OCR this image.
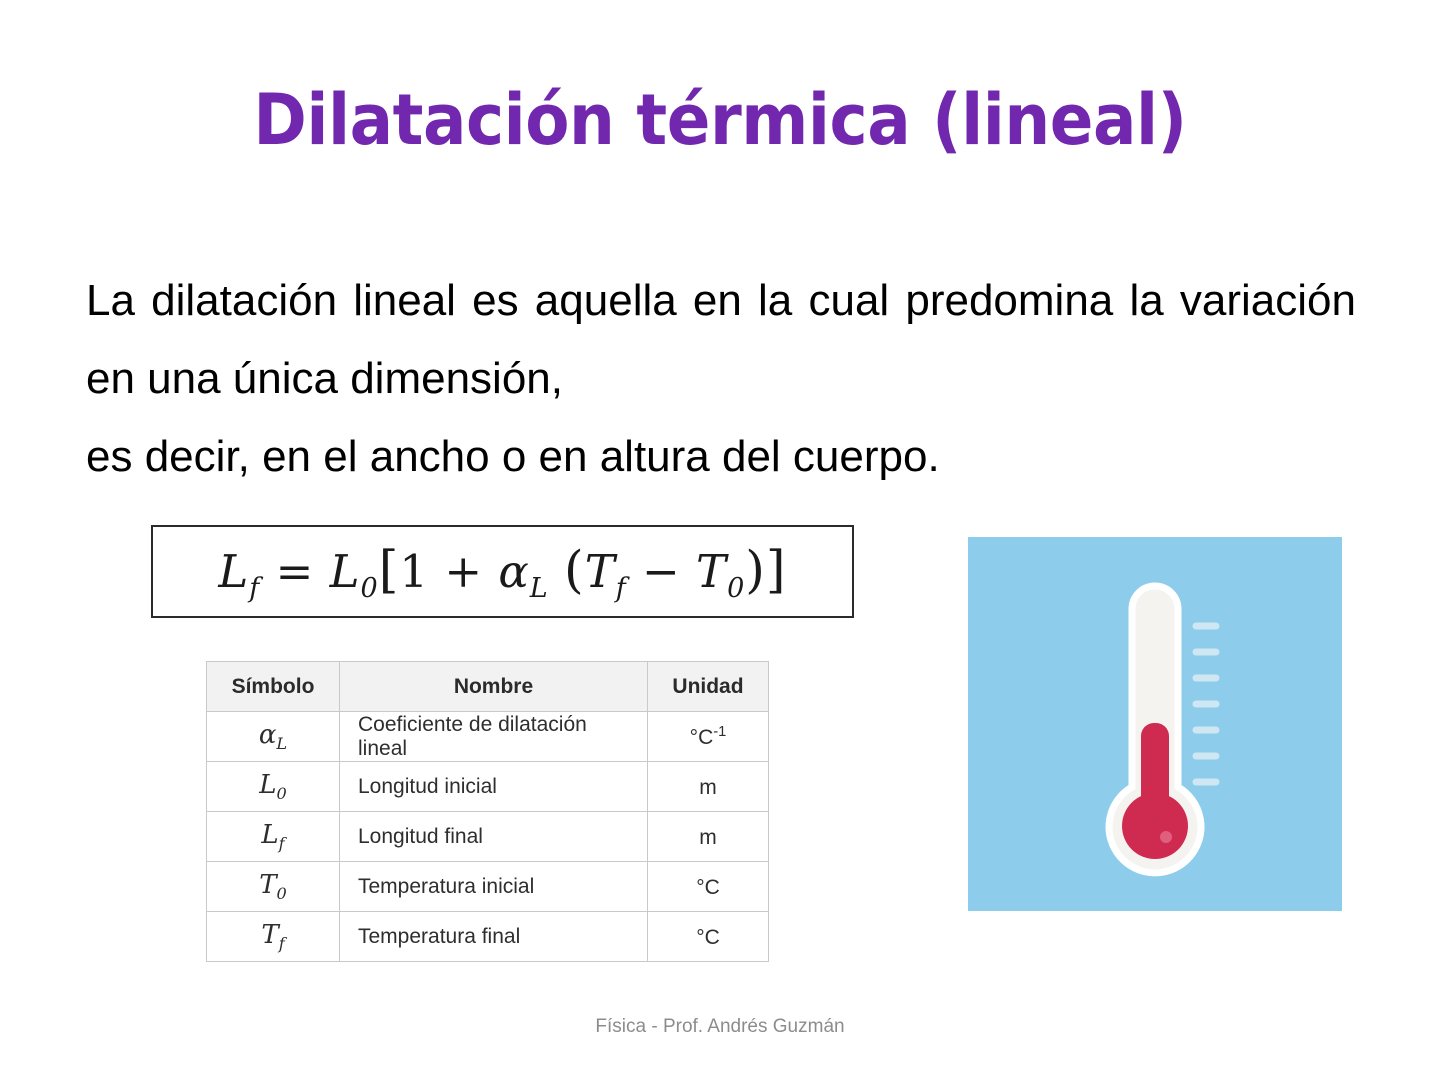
Dilatación térmica (lineal)
La dilatación lineal es aquella en la cual predomina la variación en una única dimensión,
es decir, en el ancho o en altura del cuerpo.
$L_f = L_0[1 + \alpha_L$ $(T_f - T_0)$]
Símbolo	Nombre	Unidad
$\alpha_L$	Coeficiente de dilatación lineal	$^\circ C^{-1}$
$L_0$	Longitud inicial	m
$L_f$	Longitud final	m
$T_0$	Temperatura inicial	°C
$T_f$	Temperatura final	°C
Física - Prof. Andrés Guzmán
